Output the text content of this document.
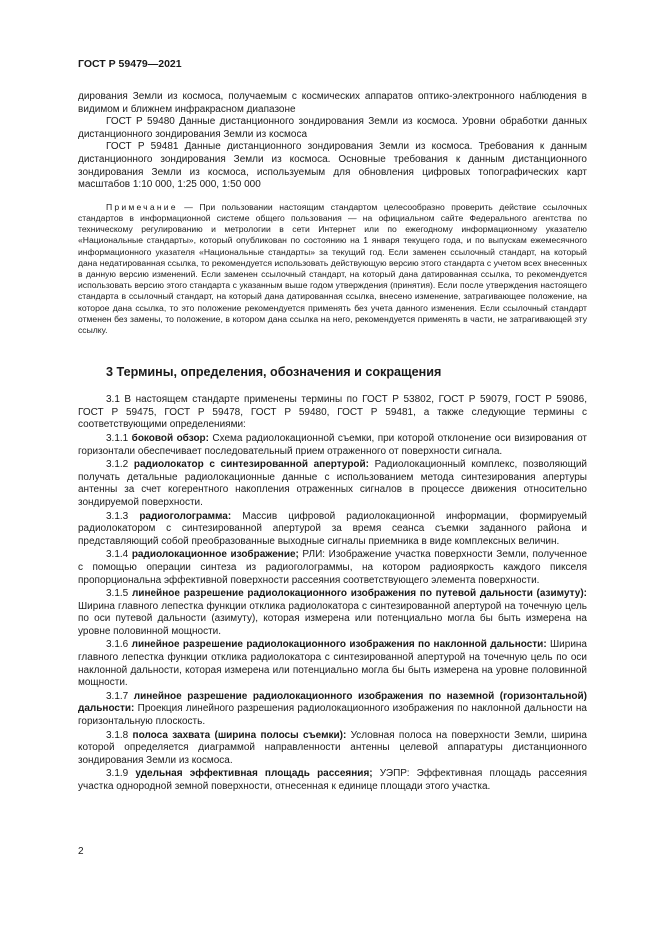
ГОСТ Р 59479—2021

дирования Земли из космоса, получаемым с космических аппаратов оптико-электронного наблюдения в видимом и ближнем инфракрасном диапазоне

ГОСТ Р 59480 Данные дистанционного зондирования Земли из космоса. Уровни обработки данных дистанционного зондирования Земли из космоса

ГОСТ Р 59481 Данные дистанционного зондирования Земли из космоса. Требования к данным дистанционного зондирования Земли из космоса. Основные требования к данным дистанционного зондирования Земли из космоса, используемым для обновления цифровых топографических карт масштабов 1:10 000, 1:25 000, 1:50 000

Примечание — При пользовании настоящим стандартом целесообразно проверить действие ссылочных стандартов в информационной системе общего пользования — на официальном сайте Федерального агентства по техническому регулированию и метрологии в сети Интернет или по ежегодному информационному указателю «Национальные стандарты», который опубликован по состоянию на 1 января текущего года, и по выпускам ежемесячного информационного указателя «Национальные стандарты» за текущий год. Если заменен ссылочный стандарт, на который дана недатированная ссылка, то рекомендуется использовать действующую версию этого стандарта с учетом всех внесенных в данную версию изменений. Если заменен ссылочный стандарт, на который дана датированная ссылка, то рекомендуется использовать версию этого стандарта с указанным выше годом утверждения (принятия). Если после утверждения настоящего стандарта в ссылочный стандарт, на который дана датированная ссылка, внесено изменение, затрагивающее положение, на которое дана ссылка, то это положение рекомендуется применять без учета данного изменения. Если ссылочный стандарт отменен без замены, то положение, в котором дана ссылка на него, рекомендуется применять в части, не затрагивающей эту ссылку.

3 Термины, определения, обозначения и сокращения

3.1 В настоящем стандарте применены термины по ГОСТ Р 53802, ГОСТ Р 59079, ГОСТ Р 59086, ГОСТ Р 59475, ГОСТ Р 59478, ГОСТ Р 59480, ГОСТ Р 59481, а также следующие термины с соответствующими определениями:

3.1.1 боковой обзор: Схема радиолокационной съемки, при которой отклонение оси визирования от горизонтали обеспечивает последовательный прием отраженного от поверхности сигнала.

3.1.2 радиолокатор с синтезированной апертурой: Радиолокационный комплекс, позволяющий получать детальные радиолокационные данные с использованием метода синтезирования апертуры антенны за счет когерентного накопления отраженных сигналов в процессе движения относительно зондируемой поверхности.

3.1.3 радиоголограмма: Массив цифровой радиолокационной информации, формируемый радиолокатором с синтезированной апертурой за время сеанса съемки заданного района и представляющий собой преобразованные выходные сигналы приемника в виде комплексных величин.

3.1.4 радиолокационное изображение; РЛИ: Изображение участка поверхности Земли, полученное с помощью операции синтеза из радиоголограммы, на котором радиояркость каждого пикселя пропорциональна эффективной поверхности рассеяния соответствующего элемента поверхности.

3.1.5 линейное разрешение радиолокационного изображения по путевой дальности (азимуту): Ширина главного лепестка функции отклика радиолокатора с синтезированной апертурой на точечную цель по оси путевой дальности (азимуту), которая измерена или потенциально могла бы быть измерена на уровне половинной мощности.

3.1.6 линейное разрешение радиолокационного изображения по наклонной дальности: Ширина главного лепестка функции отклика радиолокатора с синтезированной апертурой на точечную цель по оси наклонной дальности, которая измерена или потенциально могла бы быть измерена на уровне половинной мощности.

3.1.7 линейное разрешение радиолокационного изображения по наземной (горизонтальной) дальности: Проекция линейного разрешения радиолокационного изображения по наклонной дальности на горизонтальную плоскость.

3.1.8 полоса захвата (ширина полосы съемки): Условная полоса на поверхности Земли, ширина которой определяется диаграммой направленности антенны целевой аппаратуры дистанционного зондирования Земли из космоса.

3.1.9 удельная эффективная площадь рассеяния; УЭПР: Эффективная площадь рассеяния участка однородной земной поверхности, отнесенная к единице площади этого участка.

2
